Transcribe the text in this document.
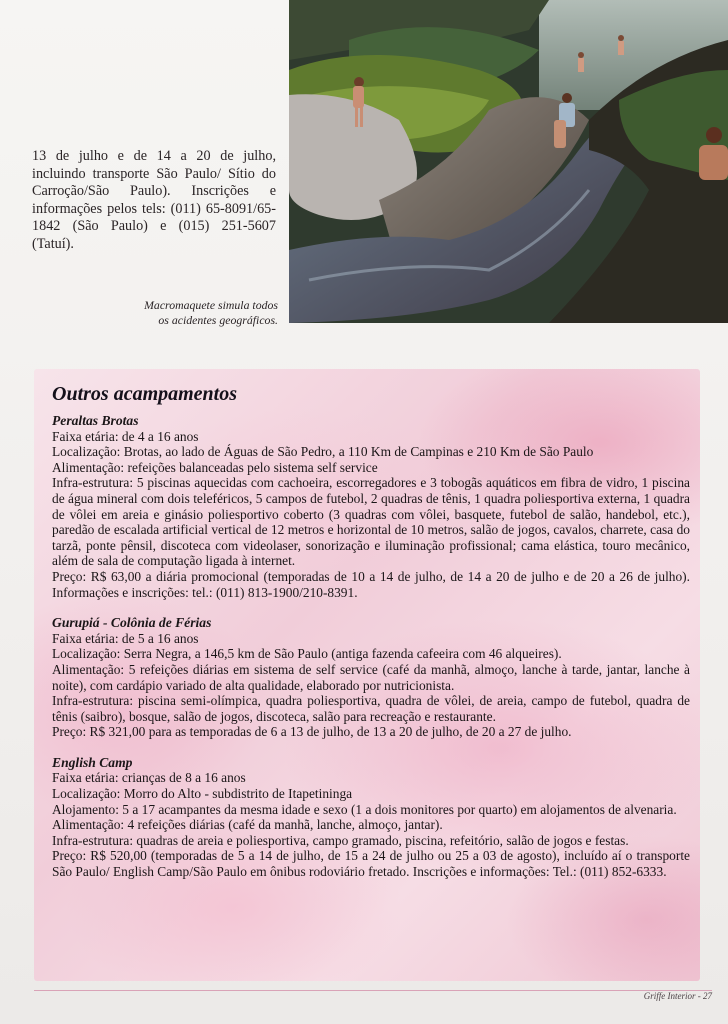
13 de julho e de 14 a 20 de julho, incluindo transporte São Paulo/ Sítio do Carroção/São Paulo). Inscrições e informações pelos tels: (011) 65-8091/65-1842 (São Paulo) e (015) 251-5607 (Tatuí).
Macromaquete simula todos
os acidentes geográficos.
Outros acampamentos
Peraltas Brotas
Faixa etária: de 4 a 16 anos
Localização: Brotas, ao lado de Águas de São Pedro, a 110 Km de Campinas e 210 Km de São Paulo
Alimentação: refeições balanceadas pelo sistema self service
Infra-estrutura: 5 piscinas aquecidas com cachoeira, escorregadores e 3 tobogãs aquáticos em fibra de vidro, 1 piscina de água mineral com dois teleféricos, 5 campos de futebol, 2 quadras de tênis, 1 quadra poliesportiva externa, 1 quadra de vôlei em areia e ginásio poliesportivo coberto (3 quadras com vôlei, basquete, futebol de salão, handebol, etc.), paredão de escalada artificial vertical de 12 metros e horizontal de 10 metros, salão de jogos, cavalos, charrete, casa do tarzã, ponte pênsil, discoteca com videolaser, sonorização e iluminação profissional; cama elástica, touro mecânico, além de sala de computação ligada à internet.
Preço: R$ 63,00 a diária promocional (temporadas de 10 a 14 de julho, de 14 a 20 de julho e de 20 a 26 de julho). Informações e inscrições: tel.: (011) 813-1900/210-8391.
Gurupiá - Colônia de Férias
Faixa etária: de 5 a 16 anos
Localização: Serra Negra, a 146,5 km de São Paulo (antiga fazenda cafeeira com 46 alqueires).
Alimentação: 5 refeições diárias em sistema de self service (café da manhã, almoço, lanche à tarde, jantar, lanche à noite), com cardápio variado de alta qualidade, elaborado por nutricionista.
Infra-estrutura: piscina semi-olímpica, quadra poliesportiva, quadra de vôlei, de areia, campo de futebol, quadra de tênis (saibro), bosque, salão de jogos, discoteca, salão para recreação e restaurante.
Preço: R$ 321,00 para as temporadas de 6 a 13 de julho, de 13 a 20 de julho, de 20 a 27 de julho.
English Camp
Faixa etária: crianças de 8 a 16 anos
Localização: Morro do Alto - subdistrito de Itapetininga
Alojamento: 5 a 17 acampantes da mesma idade e sexo (1 a dois monitores por quarto) em alojamentos de alvenaria.
Alimentação: 4 refeições diárias (café da manhã, lanche, almoço, jantar).
Infra-estrutura: quadras de areia e poliesportiva, campo gramado, piscina, refeitório, salão de jogos e festas.
Preço: R$ 520,00 (temporadas de 5 a 14 de julho, de 15 a 24 de julho ou 25 a 03 de agosto), incluído aí o transporte São Paulo/ English Camp/São Paulo em ônibus rodoviário fretado. Inscrições e informações: Tel.: (011) 852-6333.
Griffe Interior - 27
